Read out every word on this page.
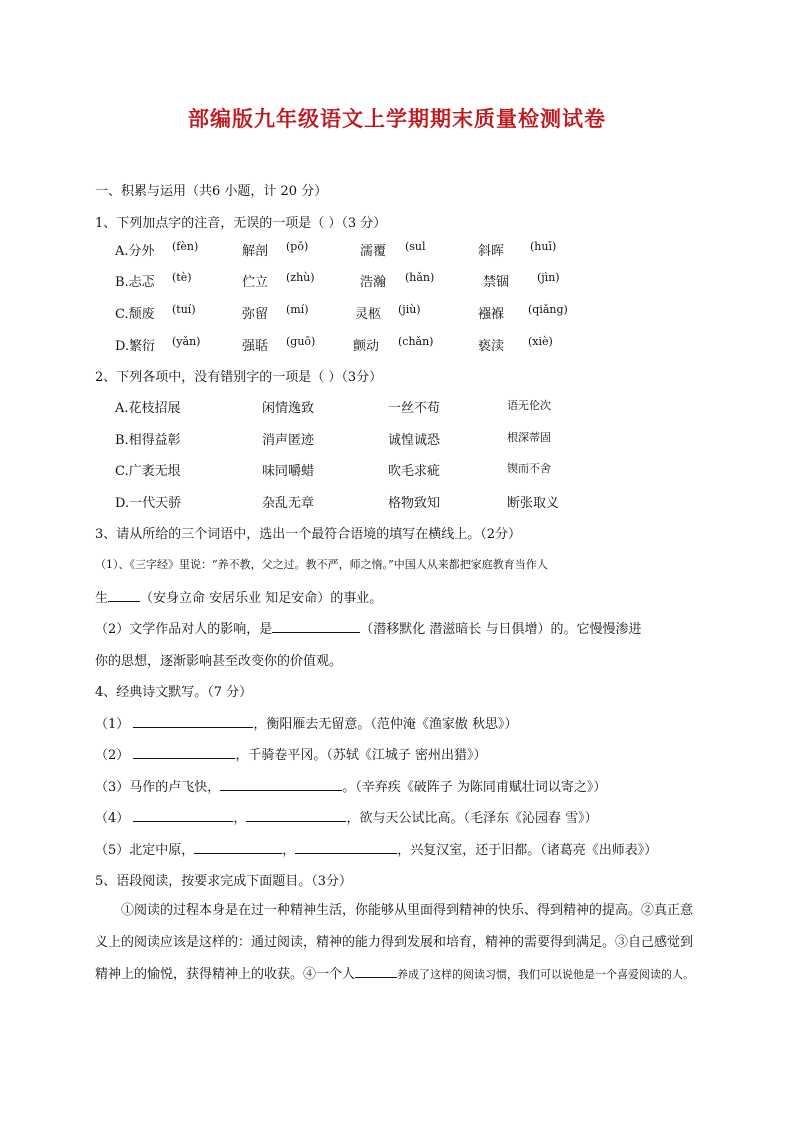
部编版九年级语文上学期期末质量检测试卷
一、积累与运用（共6 小题，计 20 分）
1、下列加点字的注音，无误的一项是（ ）（3 分）
A.分外 (fèn)	解剖 (pō)	濡覆 (sul	斜晖 (huī)
B.忐忑 (tè)	伫立 (zhù)	浩瀚 (hǎn)	禁锢	(jìn)
C.颓废 (tuí)	弥留 (mí)	灵柩 (jiù)	襁褓 (qiǎng)
D.繁衍 (yǎn)	强聒 (guō)	颤动 (chǎn)	亵渎 (xiè)
2、下列各项中，没有错别字的一项是（ ）（3分）
A.花枝招展	闲情逸致	一丝不苟	语无伦次
B.相得益彰	消声匿迹	诚惶诚恐	根深蒂固
C.广袤无垠	味同嚼蜡	吹毛求疵	锲而不舍
D.一代天骄	杂乱无章	格物致知	断张取义
3、请从所给的三个词语中，选出一个最符合语境的填写在横线上。（2分）
（1）、《三字经》里说：“养不教，父之过。教不严，师之惰。”中国人从来都把家庭教育当作人
生 （安身立命 安居乐业 知足安命）的事业。
（2）文学作品对人的影响，是	（潜移默化 潜滋暗长 与日俱增）的。它慢慢渗进
你的思想，逐渐影响甚至改变你的价值观。
4、经典诗文默写。（7 分）
（1）	，衡阳雁去无留意。（范仲淹《渔家傲 秋思》）
（2）	，千骑卷平冈。（苏轼《江城子 密州出猎》）
（3）马作的卢飞快，	。（辛弃疾《破阵子 为陈同甫赋壮词以寄之》）
（4）	，	，欲与天公试比高。（毛泽东《沁园春 雪》）
（5）北定中原，	，	，兴复汉室，还于旧都。（诸葛亮《出师表》）
5、语段阅读，按要求完成下面题目。（3分）
①阅读的过程本身是在过一种精神生活，你能够从里面得到精神的快乐、得到精神的提高。②真正意义上的阅读应该是这样的：通过阅读，精神的能力得到发展和培育，精神的需要得到满足。③自己感觉到精神上的愉悦，获得精神上的收获。④一个人	养成了这样的阅读习惯，我们可以说他是一个喜爱阅读的人。
